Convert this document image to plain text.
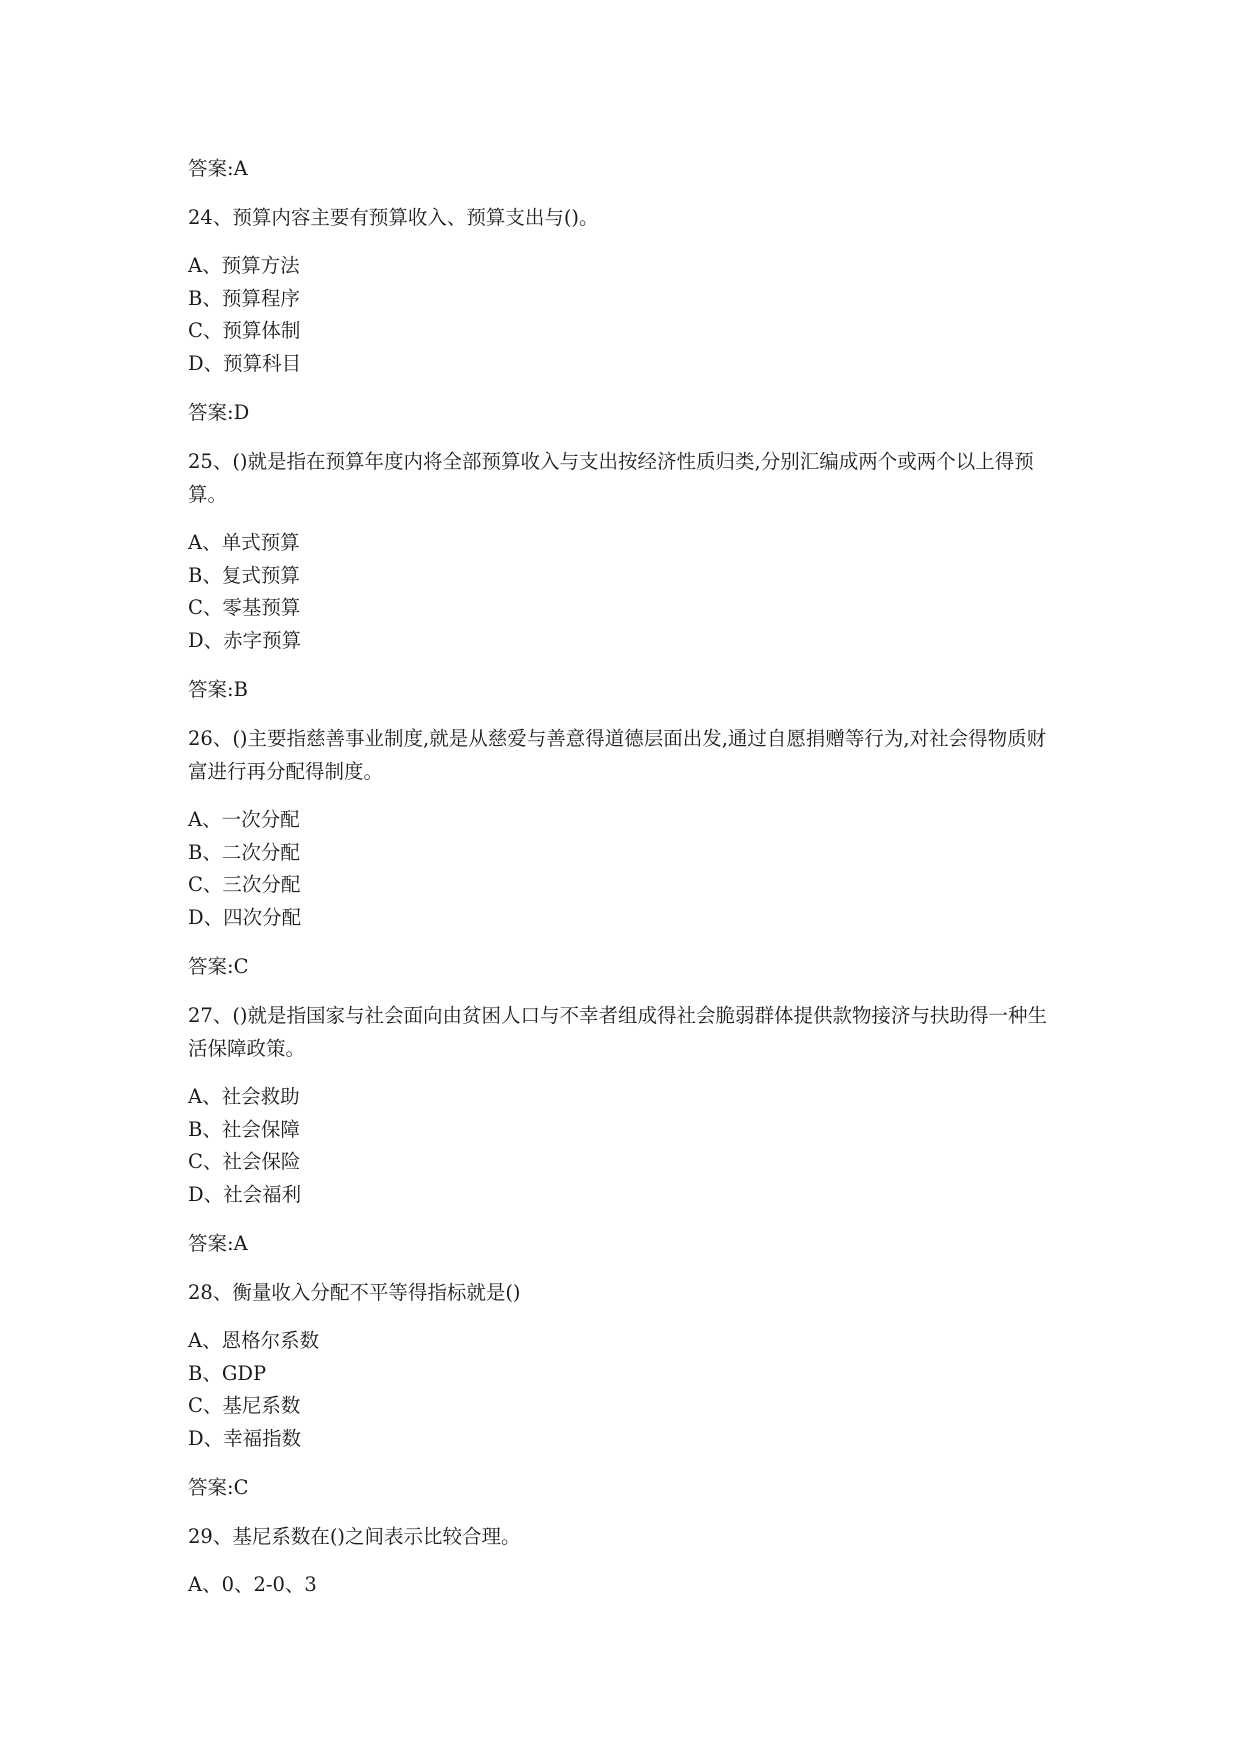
答案:A

24、预算内容主要有预算收入、预算支出与()。

A、预算方法
B、预算程序
C、预算体制
D、预算科目

答案:D

25、()就是指在预算年度内将全部预算收入与支出按经济性质归类,分别汇编成两个或两个以上得预算。

A、单式预算
B、复式预算
C、零基预算
D、赤字预算

答案:B

26、()主要指慈善事业制度,就是从慈爱与善意得道德层面出发,通过自愿捐赠等行为,对社会得物质财富进行再分配得制度。

A、一次分配
B、二次分配
C、三次分配
D、四次分配

答案:C

27、()就是指国家与社会面向由贫困人口与不幸者组成得社会脆弱群体提供款物接济与扶助得一种生活保障政策。

A、社会救助
B、社会保障
C、社会保险
D、社会福利

答案:A

28、衡量收入分配不平等得指标就是()

A、恩格尔系数
B、GDP
C、基尼系数
D、幸福指数

答案:C

29、基尼系数在()之间表示比较合理。

A、0、2-0、3
